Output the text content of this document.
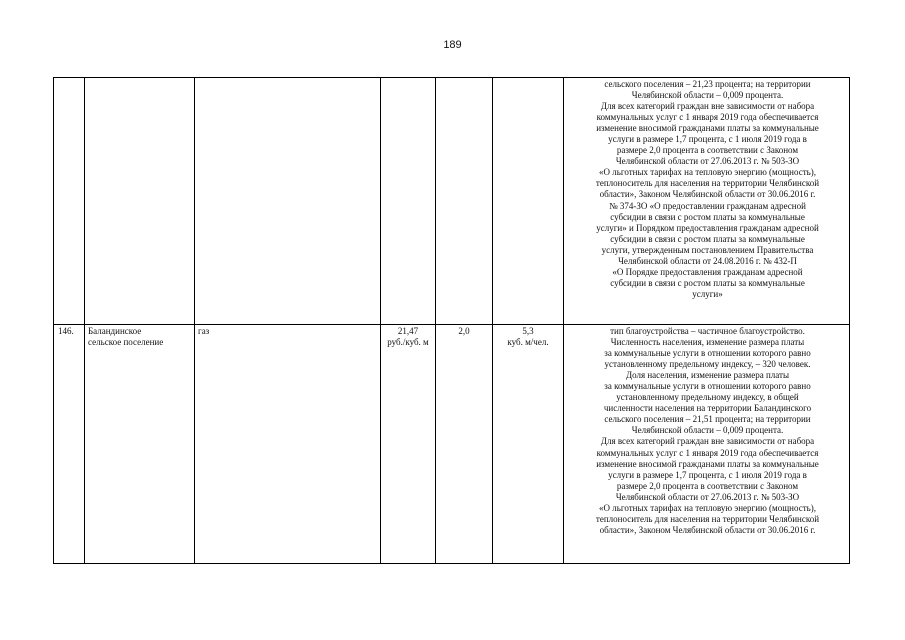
189
сельского поселения – 21,23 процента; на территории
Челябинской области – 0,009 процента.
Для всех категорий граждан вне зависимости от набора
коммунальных услуг с 1 января 2019 года обеспечивается
изменение вносимой гражданами платы за коммунальные
услуги в размере 1,7 процента, с 1 июля 2019 года в
размере 2,0 процента в соответствии с Законом
Челябинской области от 27.06.2013 г. № 503-ЗО
«О льготных тарифах на тепловую энергию (мощность),
теплоноситель для населения на территории Челябинской
области», Законом Челябинской области от 30.06.2016 г.
№ 374-ЗО «О предоставлении гражданам адресной
субсидии в связи с ростом платы за коммунальные
услуги» и Порядком предоставления гражданам адресной
субсидии в связи с ростом платы за коммунальные
услуги, утвержденным постановлением Правительства
Челябинской области от 24.08.2016 г. № 432-П
«О Порядке предоставления гражданам адресной
субсидии в связи с ростом платы за коммунальные
услуги»
146. Баландинское
сельское поселение
газ	21,47
руб./куб. м
2,0	5,3
куб. м/чел.
тип благоустройства – частичное благоустройство.
Численность населения, изменение размера платы
за коммунальные услуги в отношении которого равно
установленному предельному индексу, – 320 человек.
Доля населения, изменение размера платы
за коммунальные услуги в отношении которого равно
установленному предельному индексу, в общей
численности населения на территории Баландинского
сельского поселения – 21,51 процента; на территории
Челябинской области – 0,009 процента.
Для всех категорий граждан вне зависимости от набора
коммунальных услуг с 1 января 2019 года обеспечивается
изменение вносимой гражданами платы за коммунальные
услуги в размере 1,7 процента, с 1 июля 2019 года в
размере 2,0 процента в соответствии с Законом
Челябинской области от 27.06.2013 г. № 503-ЗО
«О льготных тарифах на тепловую энергию (мощность),
теплоноситель для населения на территории Челябинской
области», Законом Челябинской области от 30.06.2016 г.
